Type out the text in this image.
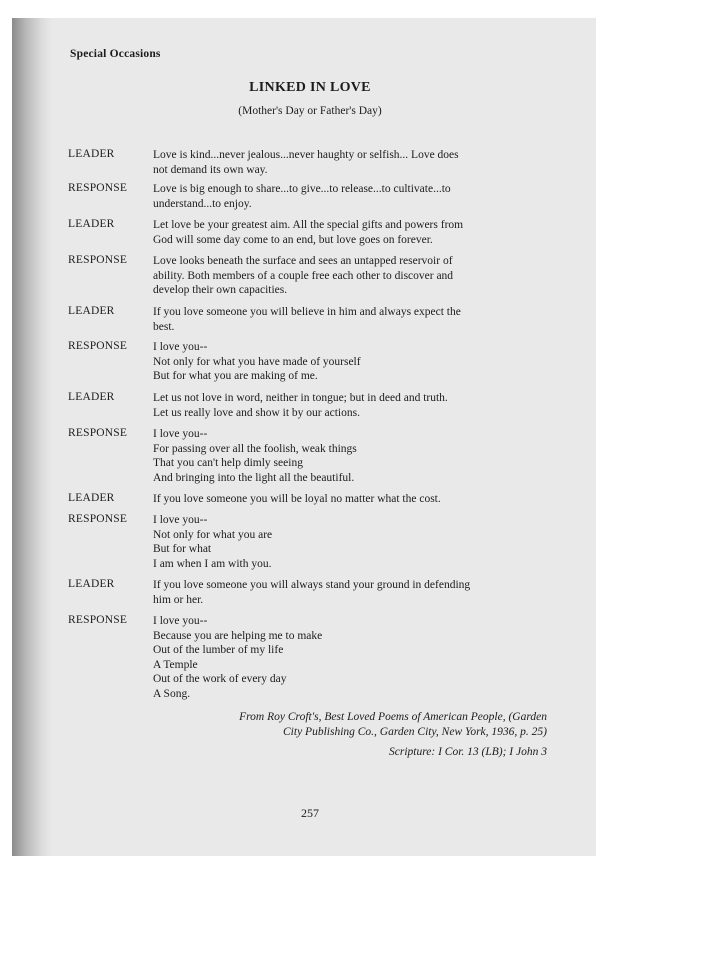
Special Occasions
LINKED IN LOVE
(Mother's Day or Father's Day)
LEADER	Love is kind...never jealous...never haughty or selfish... Love does
not demand its own way.
RESPONSE Love is big enough to share...to give...to release...to cultivate...to
understand...to enjoy.
LEADER	Let love be your greatest aim. All the special gifts and powers from
God will some day come to an end, but love goes on forever.
RESPONSE Love looks beneath the surface and sees an untapped reservoir of
ability. Both members of a couple free each other to discover and
develop their own capacities.
LEADER	If you love someone you will believe in him and always expect the
best.
RESPONSE I love you--
Not only for what you have made of yourself
But for what you are making of me.
LEADER	Let us not love in word, neither in tongue; but in deed and truth.
Let us really love and show it by our actions.
RESPONSE I love you--
For passing over all the foolish, weak things
That you can't help dimly seeing
And bringing into the light all the beautiful.
LEADER	If you love someone you will be loyal no matter what the cost.
RESPONSE I love you--
Not only for what you are
But for what
I am when I am with you.
LEADER	If you love someone you will always stand your ground in defending
him or her.
RESPONSE I love you--
Because you are helping me to make
Out of the lumber of my life
A Temple
Out of the work of every day
A Song.
From Roy Croft's, Best Loved Poems of American People, (Garden
City Publishing Co., Garden City, New York, 1936, p. 25)
Scripture: I Cor. 13 (LB); I John 3
257
